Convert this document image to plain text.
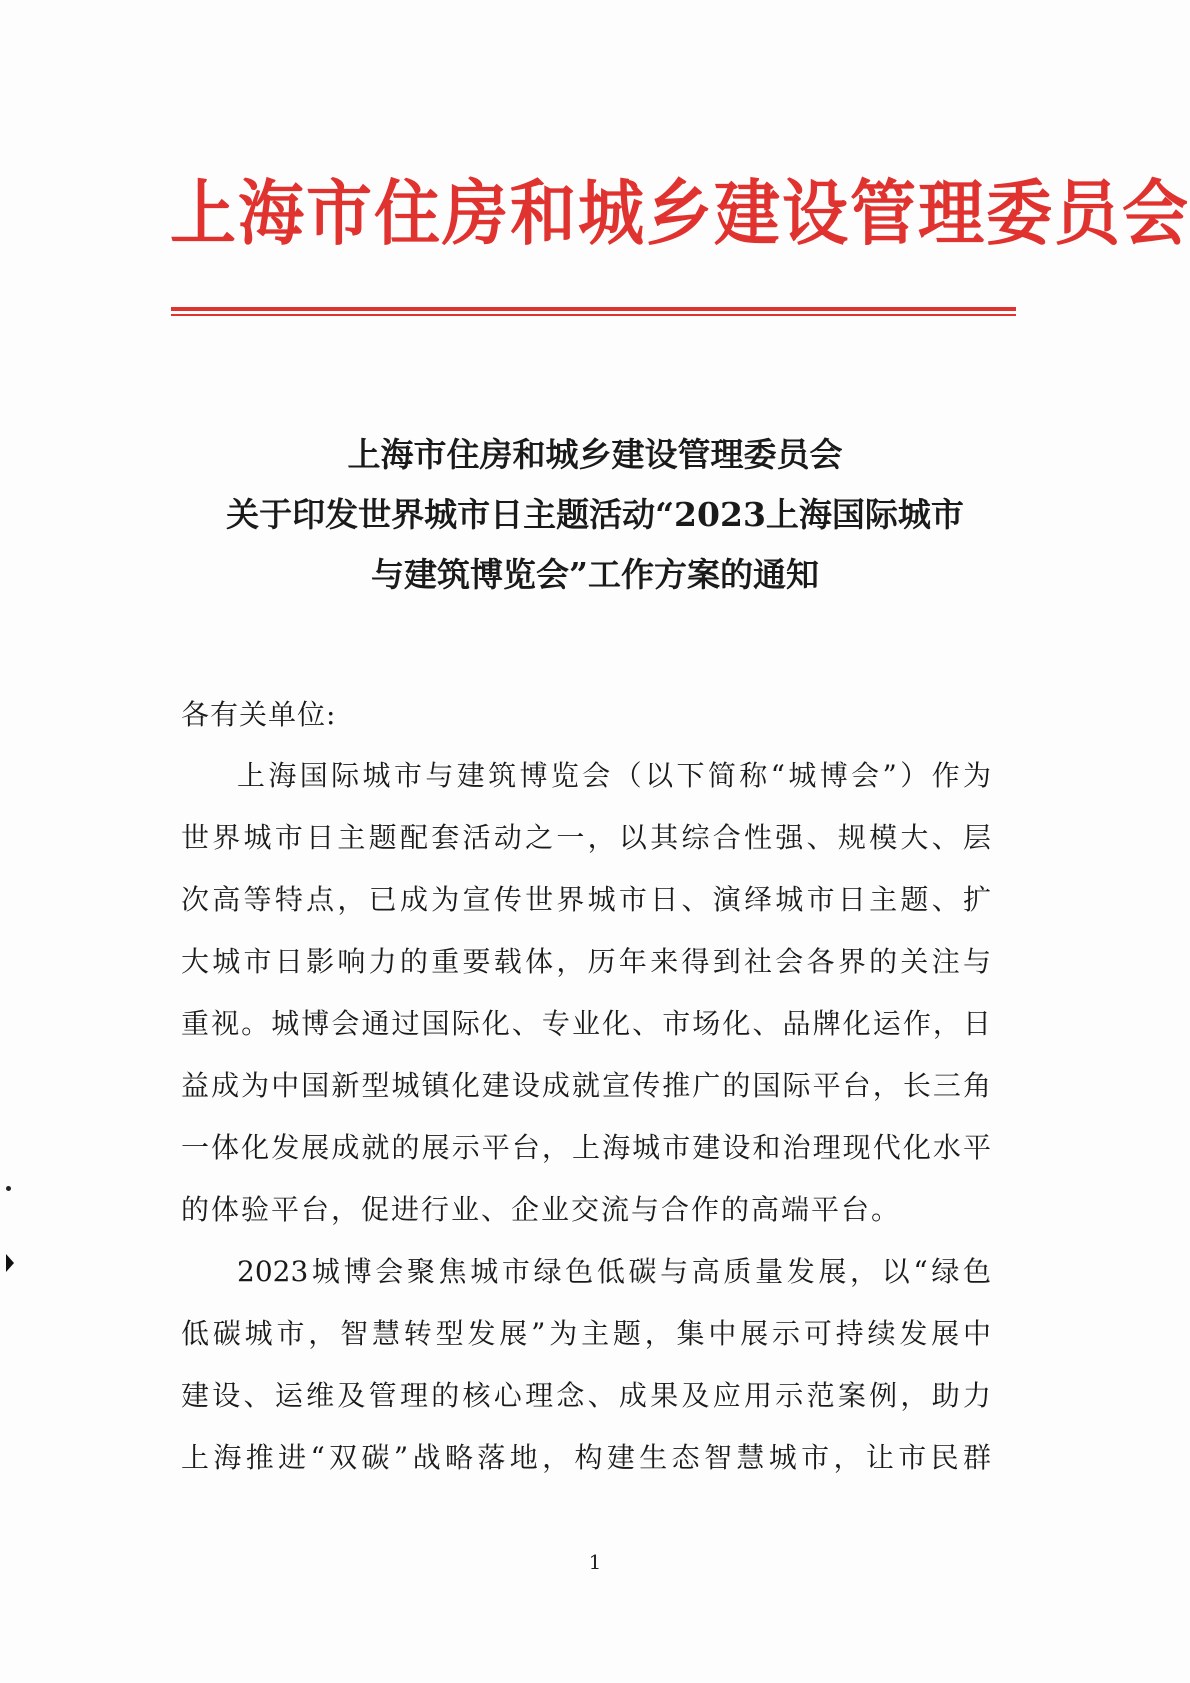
上海市住房和城乡建设管理委员会
上海市住房和城乡建设管理委员会
关于印发世界城市日主题活动“2023上海国际城市
与建筑博览会”工作方案的通知
各有关单位:
上海国际城市与建筑博览会（以下简称“城博会”）作为
世界城市日主题配套活动之一，以其综合性强、规模大、层
次高等特点，已成为宣传世界城市日、演绎城市日主题、扩
大城市日影响力的重要载体，历年来得到社会各界的关注与
重视。城博会通过国际化、专业化、市场化、品牌化运作，日
益成为中国新型城镇化建设成就宣传推广的国际平台，长三角
一体化发展成就的展示平台，上海城市建设和治理现代化水平
的体验平台，促进行业、企业交流与合作的高端平台。
2023城博会聚焦城市绿色低碳与高质量发展，以“绿色
低碳城市，智慧转型发展”为主题，集中展示可持续发展中
建设、运维及管理的核心理念、成果及应用示范案例，助力
上海推进“双碳”战略落地，构建生态智慧城市，让市民群
1
